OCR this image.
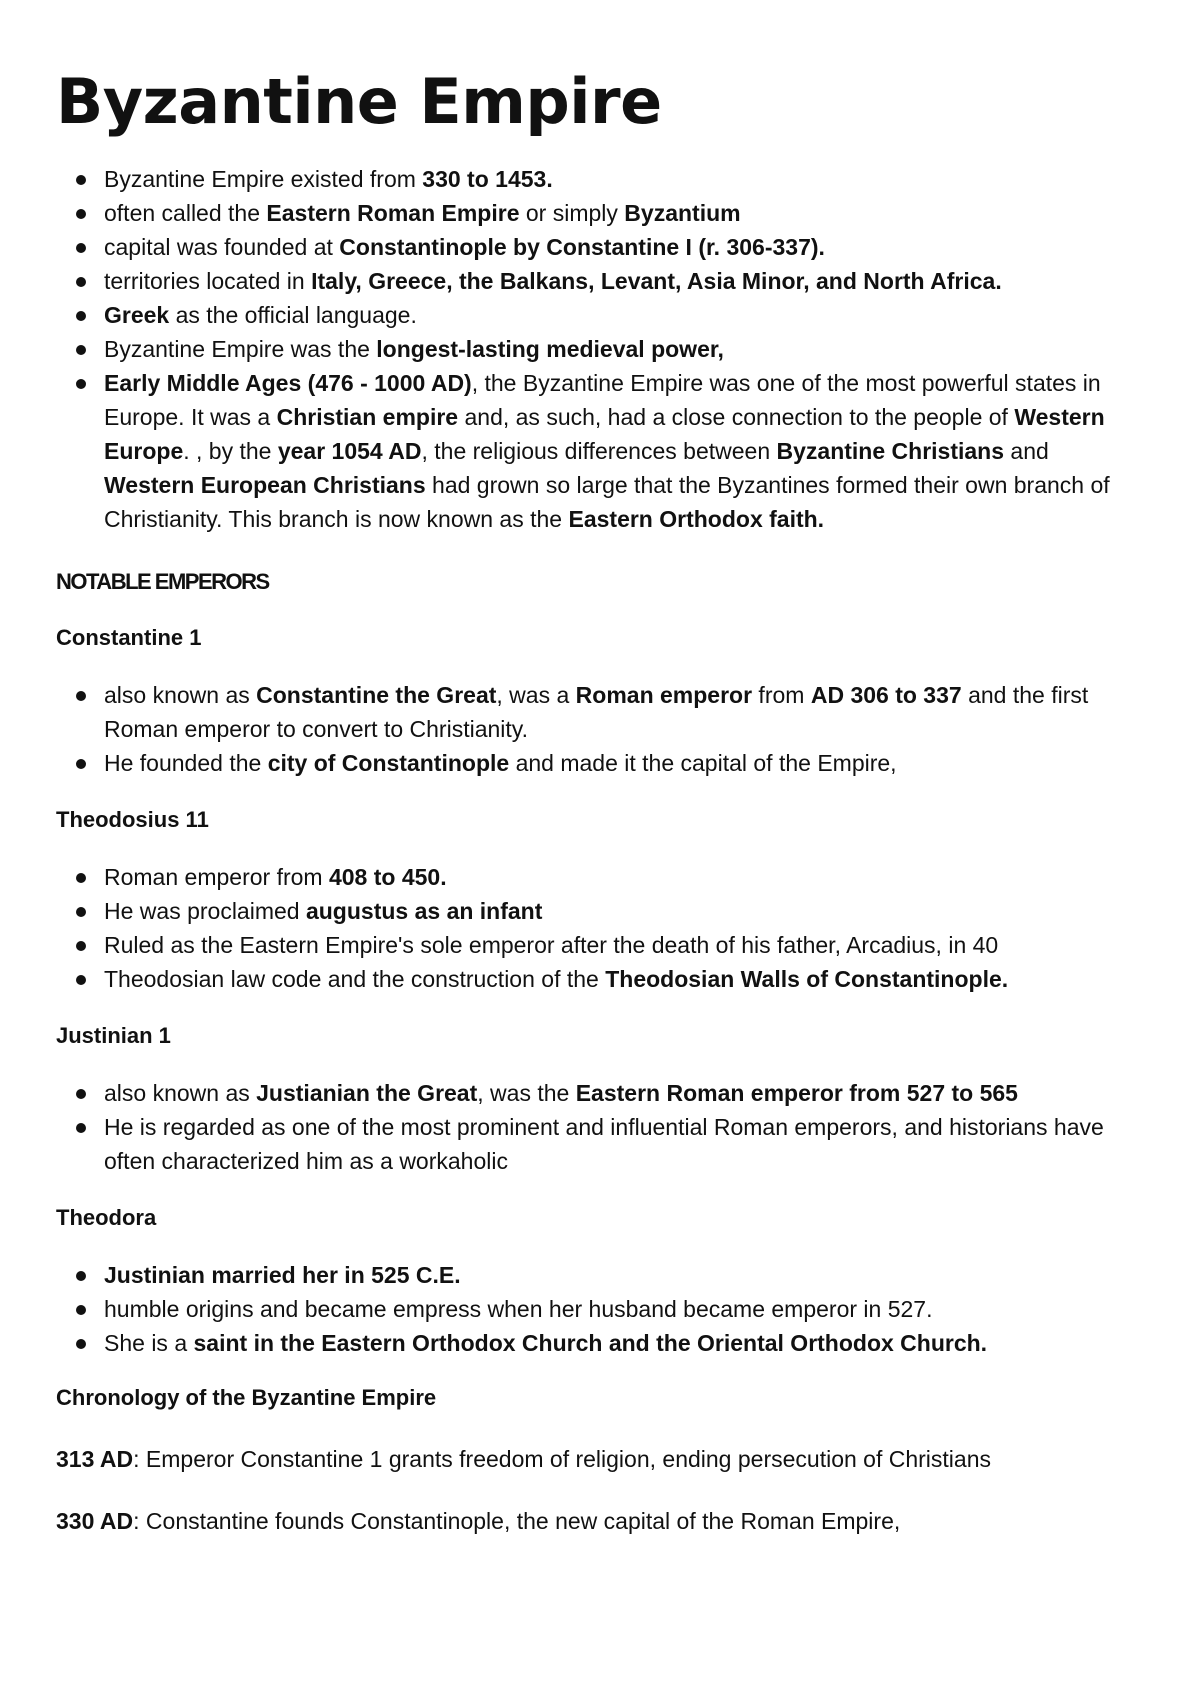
Byzantine Empire
Byzantine Empire existed from 330 to 1453.
often called the Eastern Roman Empire or simply Byzantium
capital was founded at Constantinople by Constantine I (r. 306-337).
territories located in Italy, Greece, the Balkans, Levant, Asia Minor, and North Africa.
Greek as the official language.
Byzantine Empire was the longest-lasting medieval power,
Early Middle Ages (476 - 1000 AD), the Byzantine Empire was one of the most powerful states in Europe. It was a Christian empire and, as such, had a close connection to the people of Western Europe. , by the year 1054 AD, the religious differences between Byzantine Christians and Western European Christians had grown so large that the Byzantines formed their own branch of Christianity. This branch is now known as the Eastern Orthodox faith.
NOTABLE EMPERORS
Constantine 1
also known as Constantine the Great, was a Roman emperor from AD 306 to 337 and the first Roman emperor to convert to Christianity.
He founded the city of Constantinople and made it the capital of the Empire,
Theodosius 11
Roman emperor from 408 to 450.
He was proclaimed augustus as an infant
Ruled as the Eastern Empire's sole emperor after the death of his father, Arcadius, in 40
Theodosian law code and the construction of the Theodosian Walls of Constantinople.
Justinian 1
also known as Justianian the Great, was the Eastern Roman emperor from 527 to 565
He is regarded as one of the most prominent and influential Roman emperors, and historians have often characterized him as a workaholic
Theodora
Justinian married her in 525 C.E.
humble origins and became empress when her husband became emperor in 527.
She is a saint in the Eastern Orthodox Church and the Oriental Orthodox Church.
Chronology of the Byzantine Empire
313 AD: Emperor Constantine 1 grants freedom of religion, ending persecution of Christians
330 AD: Constantine founds Constantinople, the new capital of the Roman Empire,
